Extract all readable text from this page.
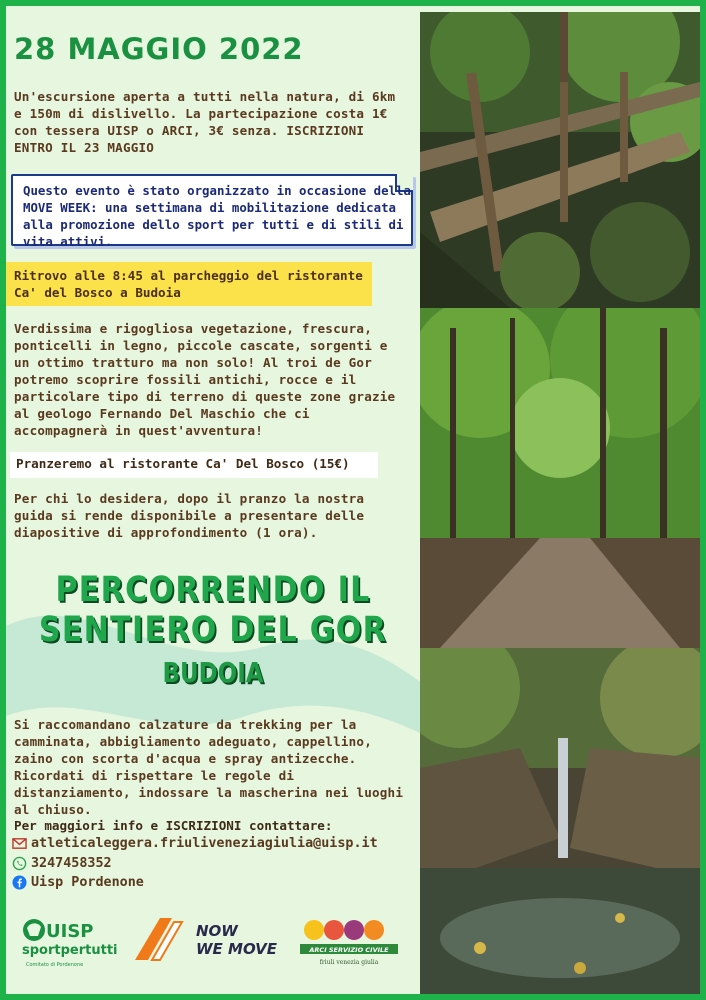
28 MAGGIO 2022
Un'escursione aperta a tutti nella natura, di 6km e 150m di dislivello. La partecipazione costa 1€ con tessera UISP o ARCI, 3€ senza. ISCRIZIONI ENTRO IL 23 MAGGIO
Questo evento è stato organizzato in occasione della MOVE WEEK: una settimana di mobilitazione dedicata alla promozione dello sport per tutti e di stili di vita attivi.
Ritrovo alle 8:45 al parcheggio del ristorante Ca' del Bosco a Budoia
Verdissima e rigogliosa vegetazione, frescura, ponticelli in legno, piccole cascate, sorgenti e un ottimo tratturo ma non solo! Al troi de Gor potremo scoprire fossili antichi, rocce e il particolare tipo di terreno di queste zone grazie al geologo Fernando Del Maschio che ci accompagnerà in quest'avventura!
Pranzeremo al ristorante Ca' Del Bosco (15€)
Per chi lo desidera, dopo il pranzo la nostra guida si rende disponibile a presentare delle diapositive di approfondimento (1 ora).
PERCORRENDO IL
SENTIERO DEL GOR
BUDOIA
Si raccomandano calzature da trekking per la camminata, abbigliamento adeguato, cappellino, zaino con scorta d'acqua e spray antizecche. Ricordati di rispettare le regole di distanziamento, indossare la mascherina nei luoghi al chiuso.
Per maggiori info e ISCRIZIONI contattare:
atleticaleggera.friuliveneziagiulia@uisp.it
3247458352
Uisp Pordenone
UISP
sportpertutti
Comitato di Pordenone
NOW
WE MOVE	ARCI SERVIZIO CIVILE
friuli venezia giulia
